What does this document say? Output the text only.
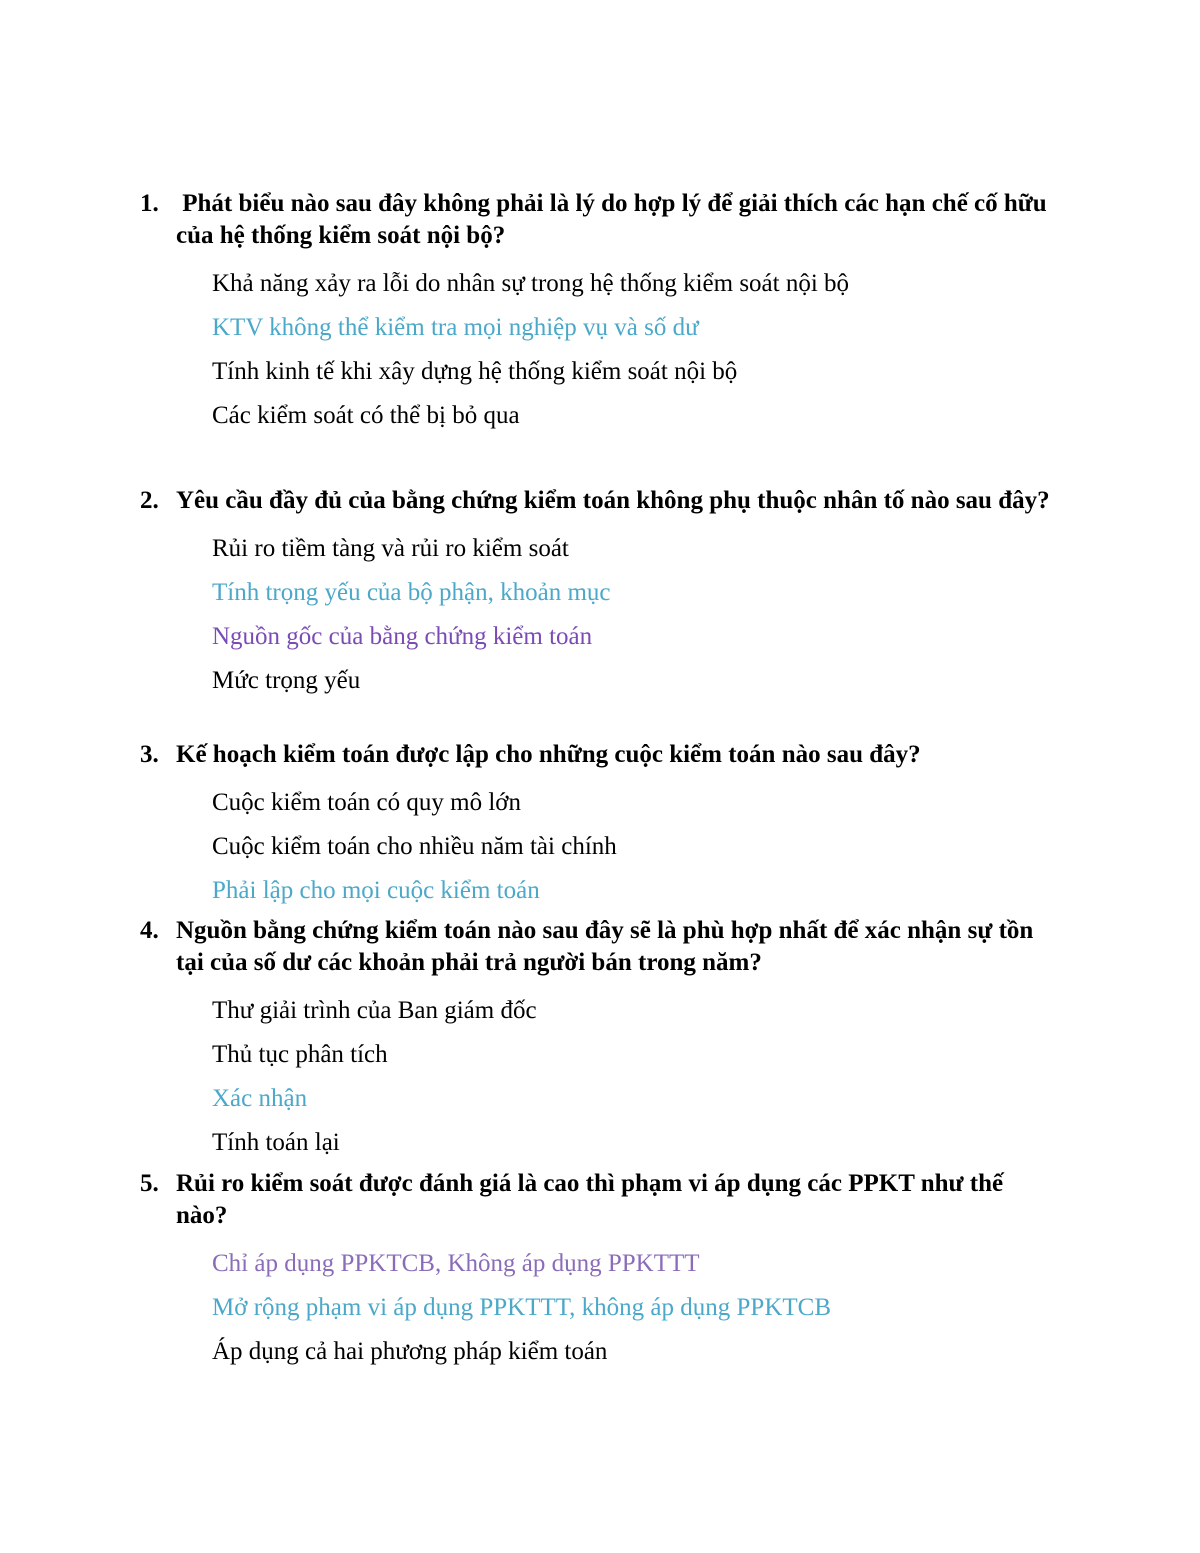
1. Phát biểu nào sau đây không phải là lý do hợp lý để giải thích các hạn chế cố hữu của hệ thống kiểm soát nội bộ?
Khả năng xảy ra lỗi do nhân sự trong hệ thống kiểm soát nội bộ
KTV không thể kiểm tra mọi nghiệp vụ và số dư
Tính kinh tế khi xây dựng hệ thống kiểm soát nội bộ
Các kiểm soát có thể bị bỏ qua
2. Yêu cầu đầy đủ của bằng chứng kiểm toán không phụ thuộc nhân tố nào sau đây?
Rủi ro tiềm tàng và rủi ro kiểm soát
Tính trọng yếu của bộ phận, khoản mục
Nguồn gốc của bằng chứng kiểm toán
Mức trọng yếu
3. Kế hoạch kiểm toán được lập cho những cuộc kiểm toán nào sau đây?
Cuộc kiểm toán có quy mô lớn
Cuộc kiểm toán cho nhiều năm tài chính
Phải lập cho mọi cuộc kiểm toán
4. Nguồn bằng chứng kiểm toán nào sau đây sẽ là phù hợp nhất để xác nhận sự tồn tại của số dư các khoản phải trả người bán trong năm?
Thư giải trình của Ban giám đốc
Thủ tục phân tích
Xác nhận
Tính toán lại
5. Rủi ro kiểm soát được đánh giá là cao thì phạm vi áp dụng các PPKT như thế nào?
Chỉ áp dụng PPKTCB, Không áp dụng PPKTTT
Mở rộng phạm vi áp dụng PPKTTT, không áp dụng PPKTCB
Áp dụng cả hai phương pháp kiểm toán
